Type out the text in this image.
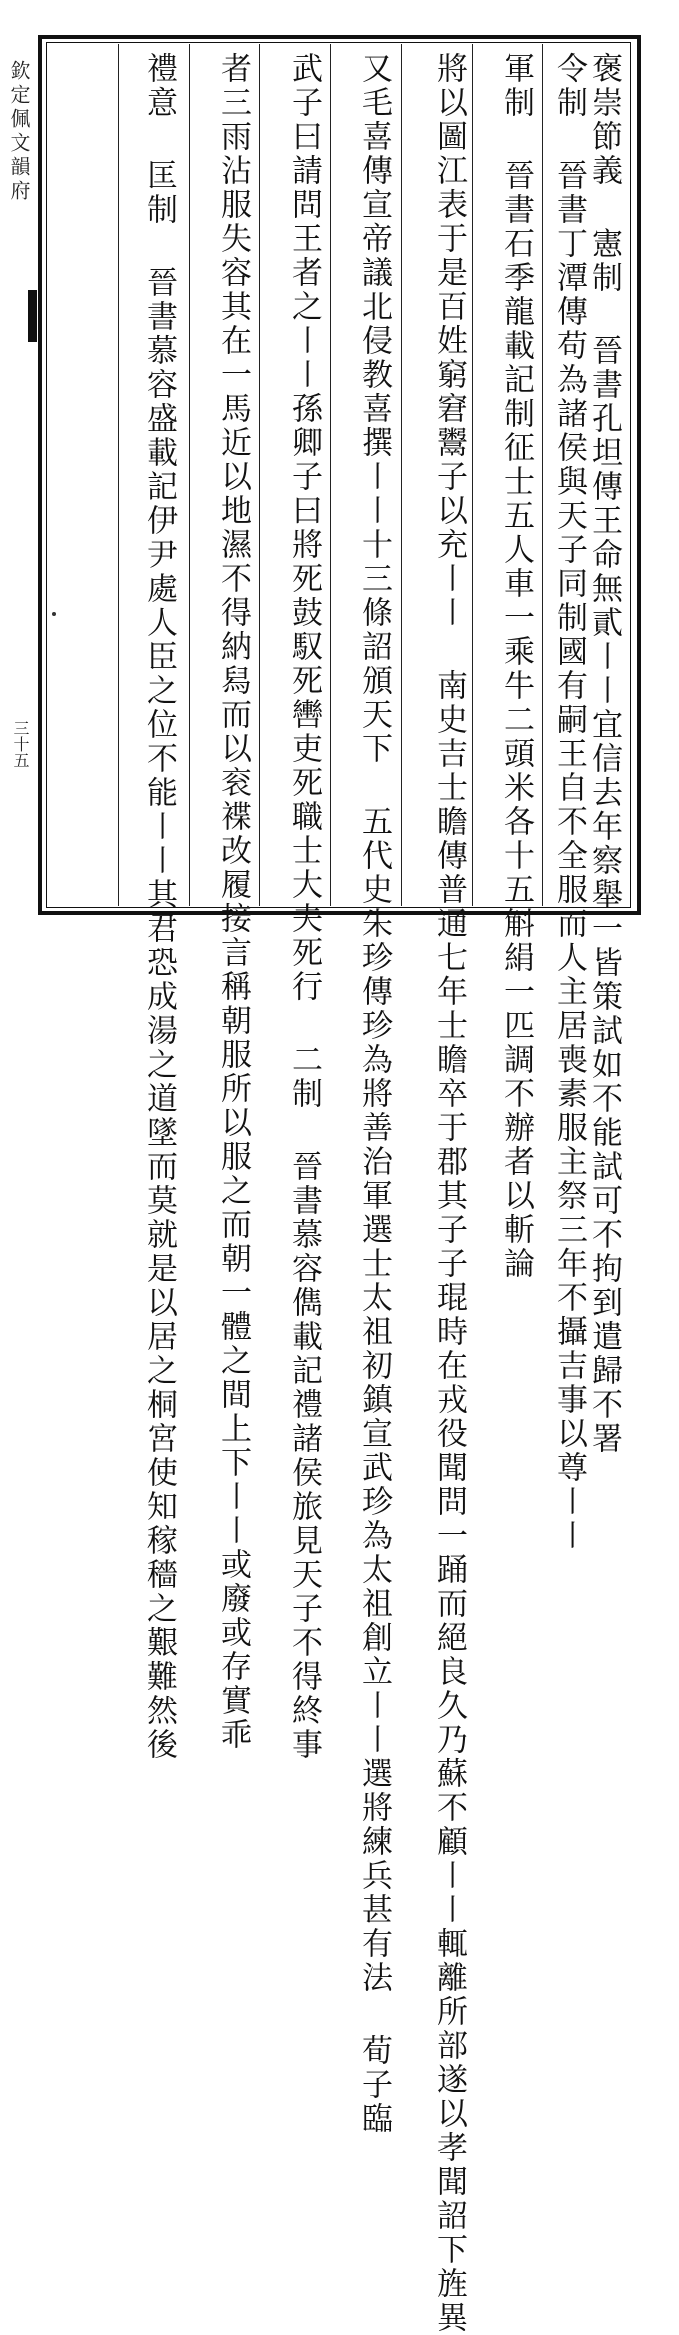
欽定佩文韻府
三十五	褒崇節義 憲制 晉書孔坦傳王命無貳〡〡宜信去年察舉一皆策試如不能試可不拘到遣歸不署
令制 晉書丁潭傳苟為諸侯與天子同制國有嗣王自不全服而人主居喪素服主祭三年不攝吉事以尊〡〡
軍制 晉書石季龍載記制征士五人車一乘牛二頭米各十五斛絹一匹調不辦者以斬論
將以圖江表于是百姓窮窘鬻子以充〡〡 南史吉士瞻傳普通七年士瞻卒于郡其子子琨時在戎役聞問一踊而絕良久乃蘇不顧〡〡輒離所部遂以孝聞詔下旌異
又毛喜傳宣帝議北侵教喜撰〡〡十三條詔頒天下 五代史朱珍傳珍為將善治軍選士太祖初鎮宣武珍為太祖創立〡〡選將練兵甚有法 荀子臨
武子曰請問王者之〡〡孫卿子曰將死鼓馭死轡吏死職士大夫死行 二制 晉書慕容儁載記禮諸侯旅見天子不得終事
者三雨沾服失容其在一馬近以地濕不得納舄而以衮褋改履接言稱朝服所以服之而朝一體之間上下〡〡或廢或存實乖
禮意 匡制 晉書慕容盛載記伊尹處人臣之位不能〡〡其君恐成湯之道墜而莫就是以居之桐宮使知稼穡之艱難然後
